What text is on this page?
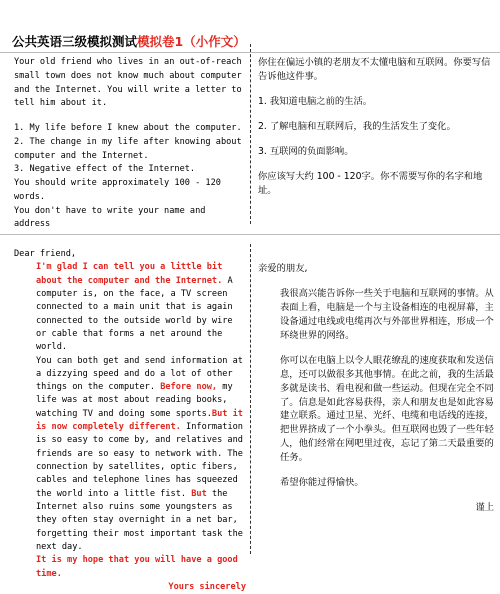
公共英语三级模拟测试模拟卷1（小作文）

Your old friend who lives in an out-of-reach small town does not know much about computer and the Internet. You will write a letter to tell him about it.

1. My life before I knew about the computer.

2. The change in my life after knowing about computer and the Internet.

3. Negative effect of the Internet.

You should write approximately 100 - 120 words.

You don't have to write your name and address

你住在偏远小镇的老朋友不太懂电脑和互联网。你要写信告诉他这件事。

1. 我知道电脑之前的生活。

2. 了解电脑和互联网后，我的生活发生了变化。

3. 互联网的负面影响。

你应该写大约 100 - 120字。你不需要写你的名字和地址。

Dear friend,

I'm glad I can tell you a little bit about the computer and the Internet. A computer is, on the face, a TV screen connected to a main unit that is again connected to the outside world by wire or cable that forms a net around the world.

You can both get and send information at a dizzying speed and do a lot of other things on the computer. Before now, my life was at most about reading books, watching TV and doing some sports.But it is now completely different. Information is so easy to come by, and relatives and friends are so easy to network with. The connection by satellites, optic fibers, cables and telephone lines has squeezed the world into a little fist. But the Internet also ruins some youngsters as they often stay overnight in a net bar, forgetting their most important task the next day.

It is my hope that you will have a good time.

Yours sincerely

亲爱的朋友,

我很高兴能告诉你一些关于电脑和互联网的事情。从表面上看，电脑是一个与主设备相连的电视屏幕，主设备通过电线或电缆再次与外部世界相连，形成一个环绕世界的网络。

你可以在电脑上以令人眼花缭乱的速度获取和发送信息，还可以做很多其他事情。在此之前，我的生活最多就是读书、看电视和做一些运动。但现在完全不同了。信息是如此容易获得，亲人和朋友也是如此容易建立联系。通过卫星、光纤、电缆和电话线的连接，把世界挤成了一个小拳头。但互联网也毁了一些年轻人，他们经常在网吧里过夜，忘记了第二天最重要的任务。

希望你能过得愉快。

谨上
